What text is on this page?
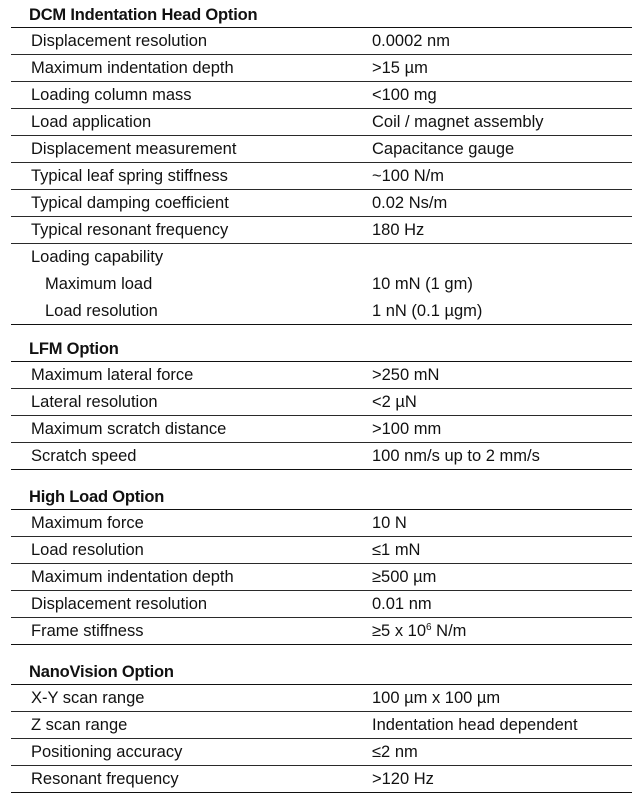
DCM Indentation Head Option
Displacement resolution	0.0002 nm
Maximum indentation depth	>15 µm
Loading column mass	<100 mg
Load application	Coil / magnet assembly
Displacement measurement	Capacitance gauge
Typical leaf spring stiffness	~100 N/m
Typical damping coefficient	0.02 Ns/m
Typical resonant frequency	180 Hz
Loading capability
Maximum load	10 mN (1 gm)
Load resolution	1 nN (0.1 µgm)
LFM Option
Maximum lateral force	>250 mN
Lateral resolution	<2 µN
Maximum scratch distance	>100 mm
Scratch speed	100 nm/s up to 2 mm/s
High Load Option
Maximum force	10 N
Load resolution	≤1 mN
Maximum indentation depth	≥500 µm
Displacement resolution	0.01 nm
Frame stiffness	≥5 x $10^6$ N/m
NanoVision Option
X-Y scan range	100 µm x 100 µm
Z scan range	Indentation head dependent
Positioning accuracy	≤2 nm
Resonant frequency	>120 Hz
